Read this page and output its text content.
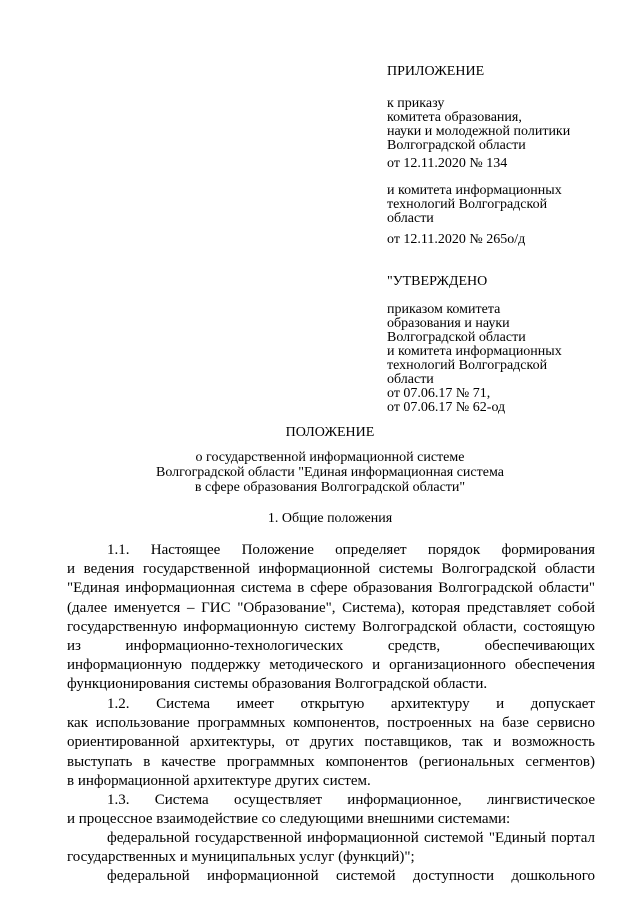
ПРИЛОЖЕНИЕ
к приказу
комитета образования,
науки и молодежной политики
Волгоградской области
от 12.11.2020 № 134
и комитета информационных
технологий Волгоградской
области
от 12.11.2020 № 265о/д
"УТВЕРЖДЕНО
приказом комитета
образования и науки
Волгоградской области
и комитета информационных
технологий Волгоградской
области
от 07.06.17 № 71,
от 07.06.17 № 62-од
ПОЛОЖЕНИЕ
о государственной информационной системе
Волгоградской области "Единая информационная система
в сфере образования Волгоградской области"
1. Общие положения
1.1. Настоящее Положение определяет порядок формирования
и ведения государственной информационной системы Волгоградской области
"Единая информационная система в сфере образования Волгоградской области"
(далее именуется – ГИС "Образование", Система), которая представляет собой
государственную информационную систему Волгоградской области, состоящую
из информационно-технологических средств, обеспечивающих
информационную поддержку методического и организационного обеспечения
функционирования системы образования Волгоградской области.
1.2. Система имеет открытую архитектуру и допускает
как использование программных компонентов, построенных на базе сервисно
ориентированной архитектуры, от других поставщиков, так и возможность
выступать в качестве программных компонентов (региональных сегментов)
в информационной архитектуре других систем.
1.3. Система осуществляет информационное, лингвистическое
и процессное взаимодействие со следующими внешними системами:
федеральной государственной информационной системой "Единый портал
государственных и муниципальных услуг (функций)";
федеральной информационной системой доступности дошкольного
